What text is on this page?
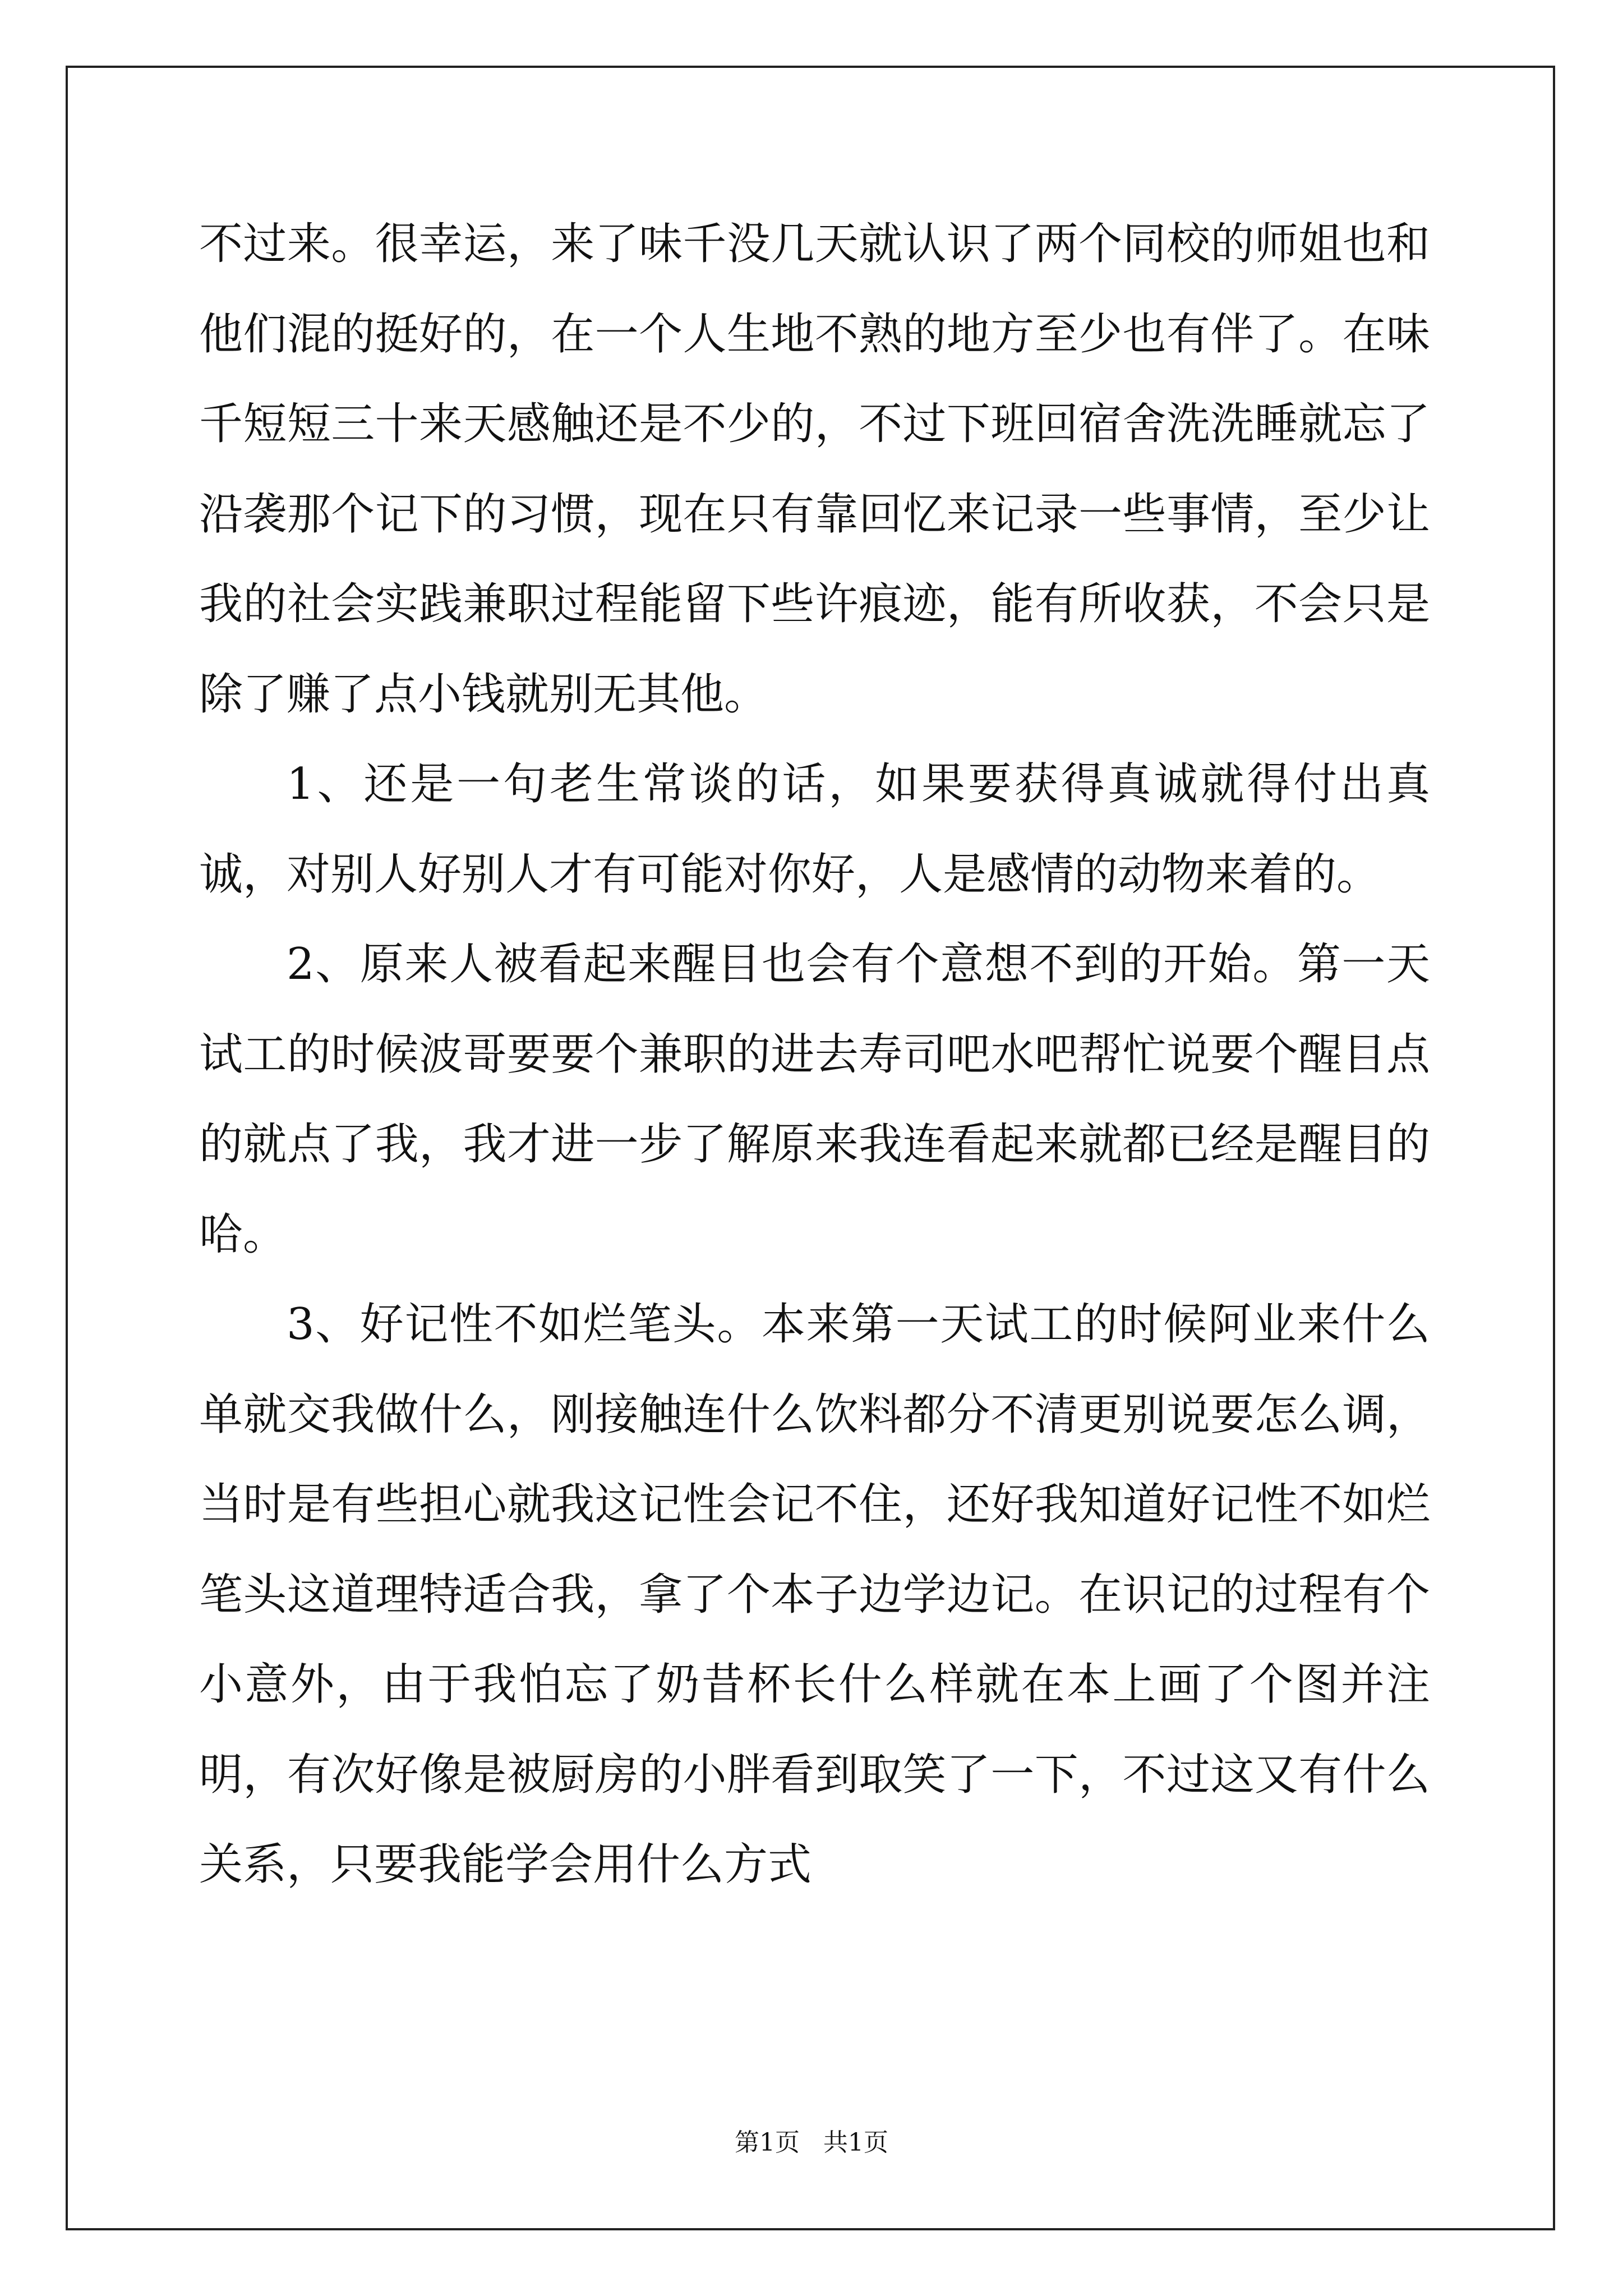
不过来。很幸运，来了味千没几天就认识了两个同校的师姐也和他们混的挺好的，在一个人生地不熟的地方至少也有伴了。在味千短短三十来天感触还是不少的，不过下班回宿舍洗洗睡就忘了沿袭那个记下的习惯，现在只有靠回忆来记录一些事情，至少让我的社会实践兼职过程能留下些许痕迹，能有所收获，不会只是除了赚了点小钱就别无其他。

1、还是一句老生常谈的话，如果要获得真诚就得付出真诚，对别人好别人才有可能对你好，人是感情的动物来着的。

2、原来人被看起来醒目也会有个意想不到的开始。第一天试工的时候波哥要要个兼职的进去寿司吧水吧帮忙说要个醒目点的就点了我，我才进一步了解原来我连看起来就都已经是醒目的哈。

3、好记性不如烂笔头。本来第一天试工的时候阿业来什么单就交我做什么，刚接触连什么饮料都分不清更别说要怎么调，当时是有些担心就我这记性会记不住，还好我知道好记性不如烂笔头这道理特适合我，拿了个本子边学边记。在识记的过程有个小意外，由于我怕忘了奶昔杯长什么样就在本上画了个图并注明，有次好像是被厨房的小胖看到取笑了一下，不过这又有什么关系，只要我能学会用什么方式

第1页 共1页
